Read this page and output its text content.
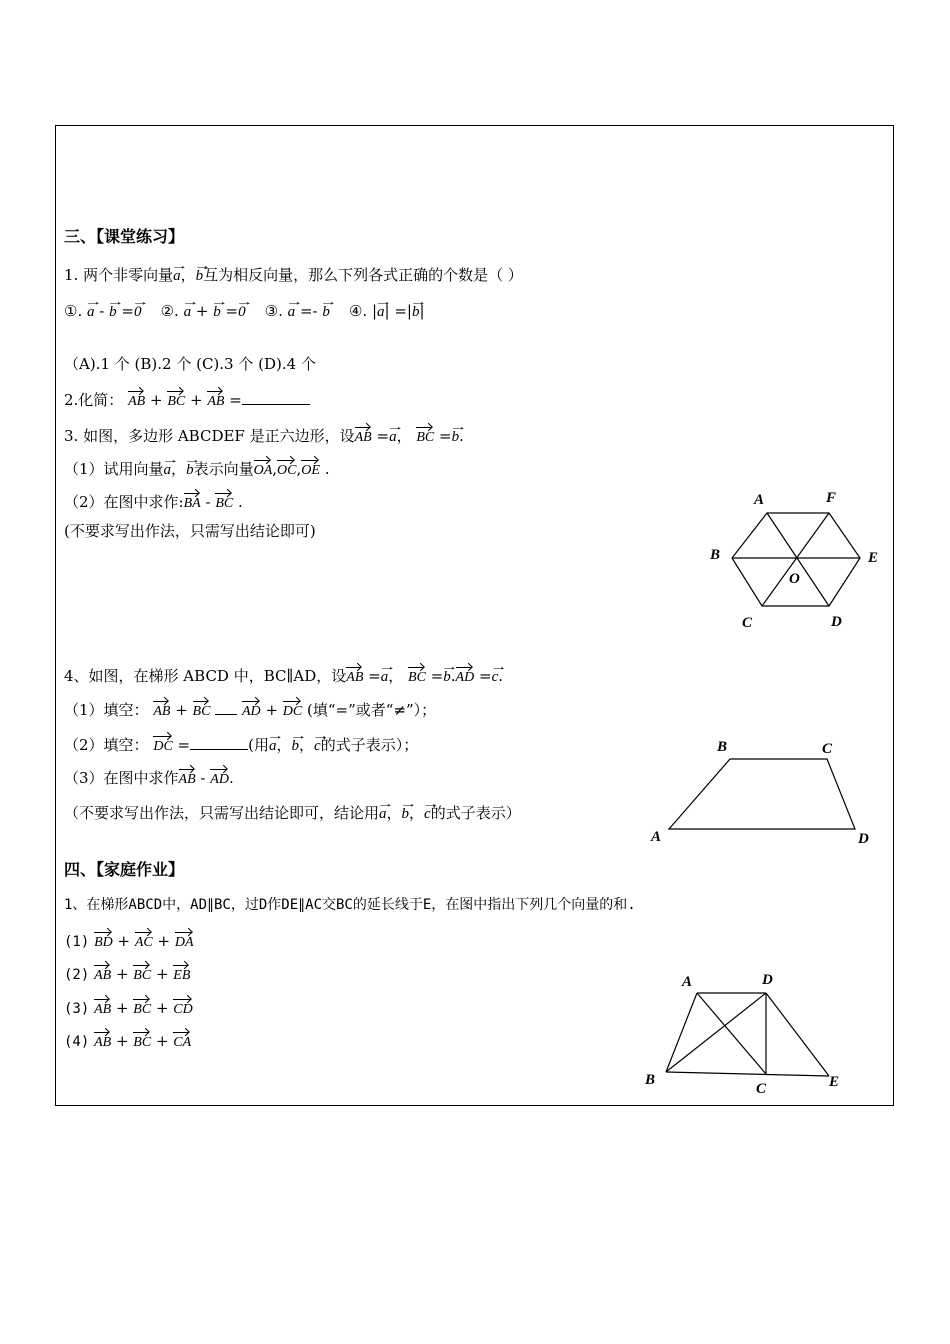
三、【课堂练习】
1. 两个非零向量→ a，→ b互为相反向量，那么下列各式正确的个数是（ ）
①. → a - → b =→ 0 ②. → a + → b =→ 0 ③. → a =- → b ④. |→ a| =|→ b|
（A).1 个 (B).2 个 (C).3 个 (D).4 个
2.化简： AB + BC + AB =
3. 如图，多边形 ABCDEF 是正六边形，设AB =→ a， BC =→ b.
（1）试用向量→ a，→ b表示向量OA,OC,OE .
（2）在图中求作:BA - BC .
(不要求写出作法，只需写出结论即可)
A	F
B	E
O
C	D
4、如图，在梯形 ABCD 中，BC∥AD，设AB =→ a， BC =→ b.AD =→ c.
（1）填空： AB + BC AD + DC (填“=”或者“≠”）；
（2）填空： DC =	(用→ a，→ b，→ c的式子表示）；
（3）在图中求作AB - AD.
（不要求写出作法，只需写出结论即可，结论用→ a，→ b，→ c的式子表示）
B	C
A	D
四、【家庭作业】
1、在梯形ABCD中，AD∥BC，过D作DE∥AC交BC的延长线于E，在图中指出下列几个向量的和.
(1) BD + AC + DA
(2) AB + BC + EB
(3) AB + BC + CD
(4) AB + BC + CA
A	D
B
C	E
